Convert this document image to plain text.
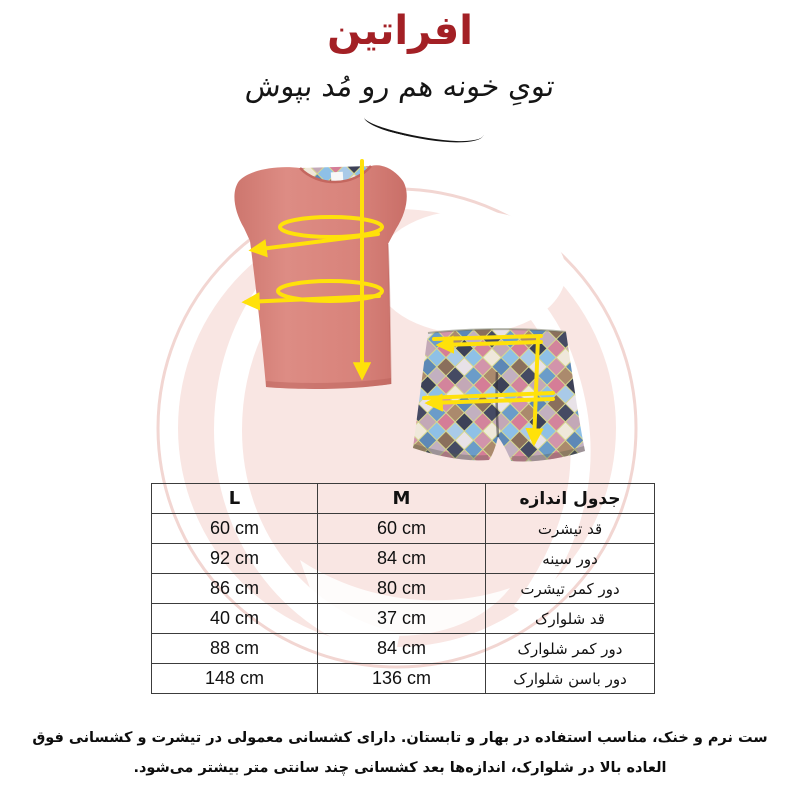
افراتین
تویِ خونه هم رو مُد بپوش
جدول اندازه	M	L
قد تیشرت	60 cm	60 cm
دور سینه	84 cm	92 cm
دور کمر تیشرت	80 cm	86 cm
قد شلوارک	37 cm	40 cm
دور کمر شلوارک	84 cm	88 cm
دور باسن شلوارک	136 cm	148 cm
ست نرم و خنک، مناسب استفاده در بهار و تابستان. دارای کشسانی معمولی در تیشرت و کشسانی فوق
العاده بالا در شلوارک، اندازه‌ها بعد کشسانی چند سانتی متر بیشتر می‌شود.
